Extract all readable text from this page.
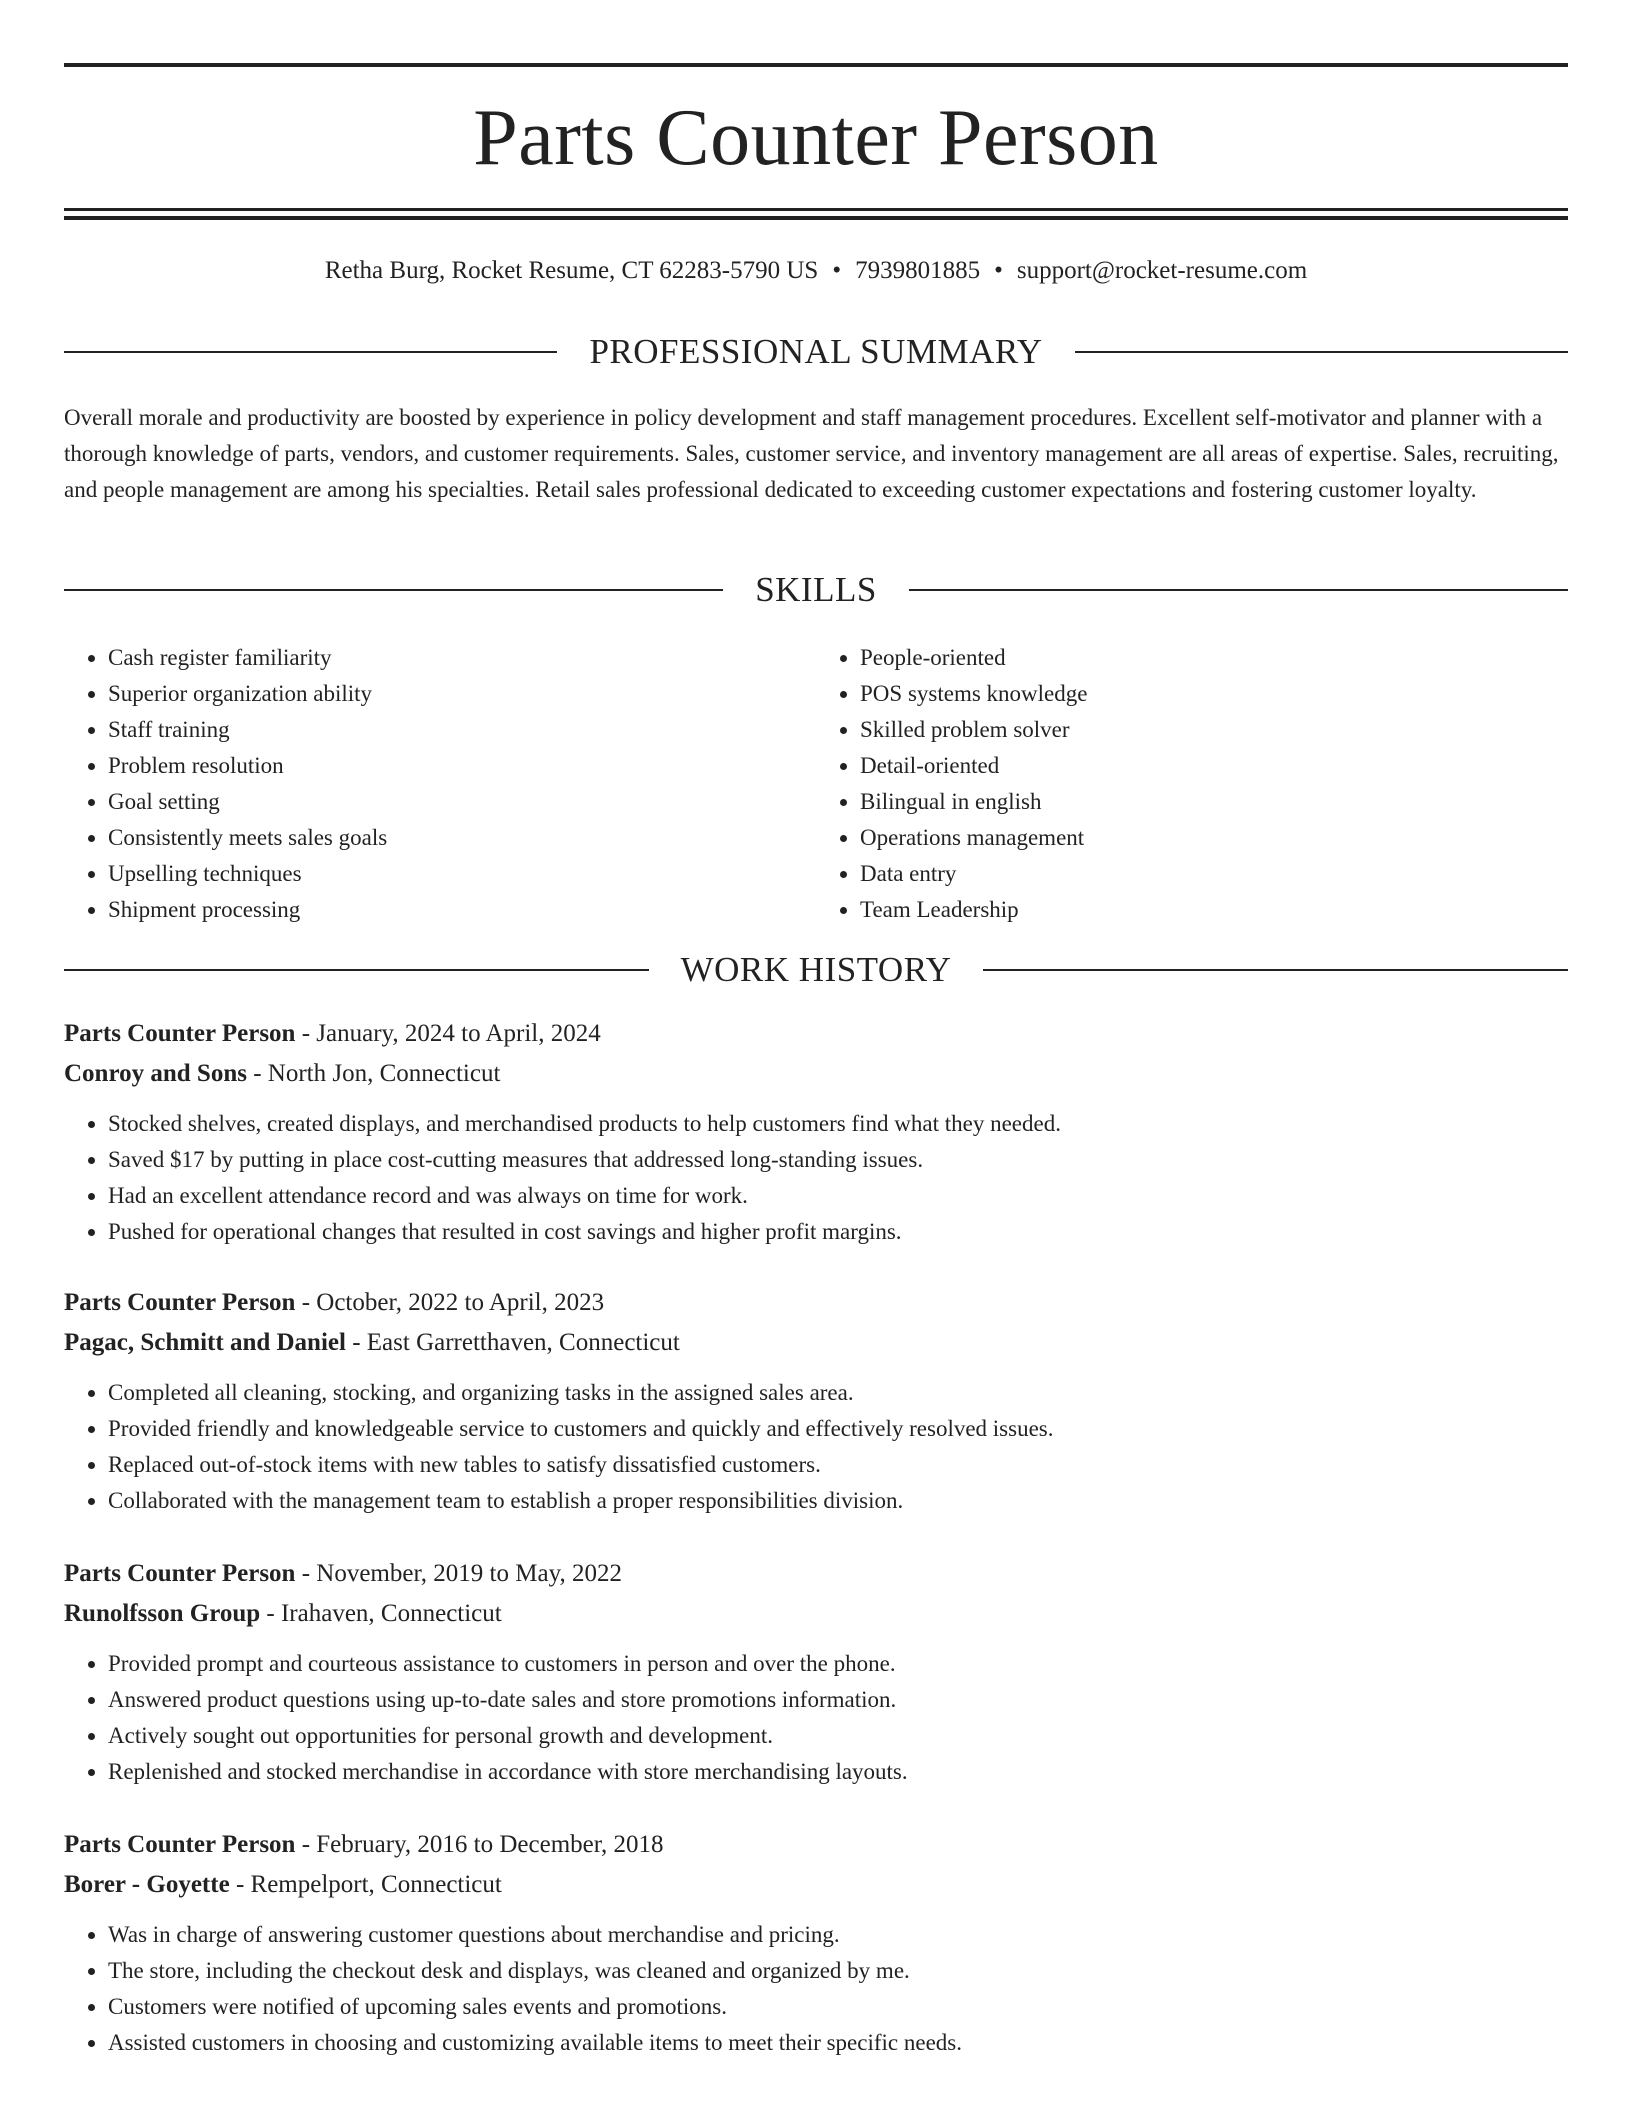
Parts Counter Person
Retha Burg, Rocket Resume, CT 62283-5790 US • 7939801885 • support@rocket-resume.com
PROFESSIONAL SUMMARY

Overall morale and productivity are boosted by experience in policy development and staff management procedures. Excellent self-motivator and planner with a thorough knowledge of parts, vendors, and customer requirements. Sales, customer service, and inventory management are all areas of expertise. Sales, recruiting, and people management are among his specialties. Retail sales professional dedicated to exceeding customer expectations and fostering customer loyalty.

SKILLS
• Cash register familiarity
• Superior organization ability
• Staff training
• Problem resolution
• Goal setting
• Consistently meets sales goals
• Upselling techniques
• Shipment processing
• People-oriented
• POS systems knowledge
• Skilled problem solver
• Detail-oriented
• Bilingual in english
• Operations management
• Data entry
• Team Leadership
WORK HISTORY
Parts Counter Person - January, 2024 to April, 2024
Conroy and Sons - North Jon, Connecticut
• Stocked shelves, created displays, and merchandised products to help customers find what they needed.
• Saved $17 by putting in place cost-cutting measures that addressed long-standing issues.
• Had an excellent attendance record and was always on time for work.
• Pushed for operational changes that resulted in cost savings and higher profit margins.
Parts Counter Person - October, 2022 to April, 2023
Pagac, Schmitt and Daniel - East Garretthaven, Connecticut
• Completed all cleaning, stocking, and organizing tasks in the assigned sales area.
• Provided friendly and knowledgeable service to customers and quickly and effectively resolved issues.
• Replaced out-of-stock items with new tables to satisfy dissatisfied customers.
• Collaborated with the management team to establish a proper responsibilities division.
Parts Counter Person - November, 2019 to May, 2022
Runolfsson Group - Irahaven, Connecticut
• Provided prompt and courteous assistance to customers in person and over the phone.
• Answered product questions using up-to-date sales and store promotions information.
• Actively sought out opportunities for personal growth and development.
• Replenished and stocked merchandise in accordance with store merchandising layouts.
Parts Counter Person - February, 2016 to December, 2018
Borer - Goyette - Rempelport, Connecticut
• Was in charge of answering customer questions about merchandise and pricing.
• The store, including the checkout desk and displays, was cleaned and organized by me.
• Customers were notified of upcoming sales events and promotions.
• Assisted customers in choosing and customizing available items to meet their specific needs.
